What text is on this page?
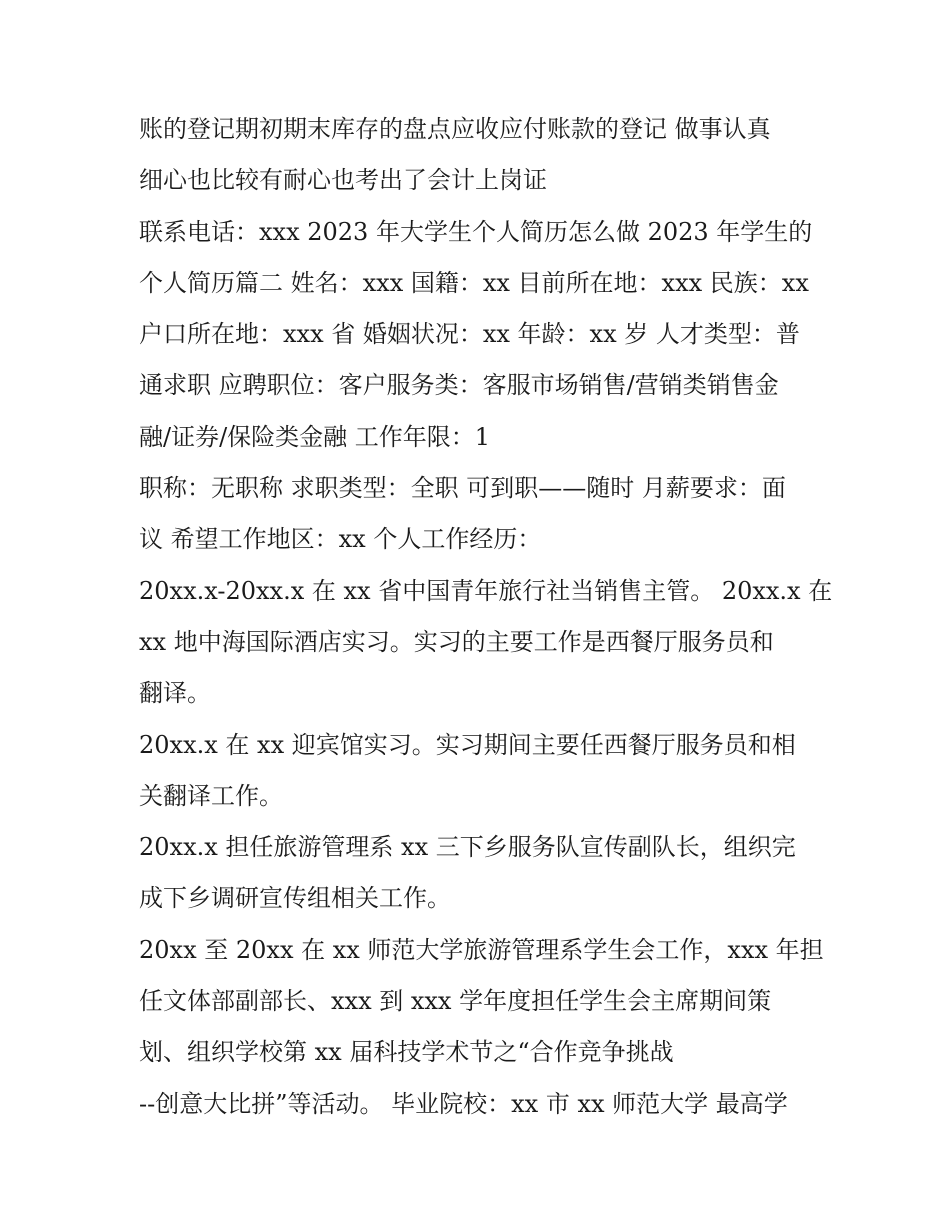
账的登记期初期末库存的盘点应收应付账款的登记 做事认真
细心也比较有耐心也考出了会计上岗证
联系电话：xxx 2023 年大学生个人简历怎么做 2023 年学生的
个人简历篇二 姓名：xxx 国籍：xx 目前所在地：xxx 民族：xx
户口所在地：xxx 省 婚姻状况：xx 年龄：xx 岁 人才类型：普
通求职 应聘职位：客户服务类：客服市场销售/营销类销售金
融/证券/保险类金融 工作年限：1
职称：无职称 求职类型：全职 可到职——随时 月薪要求：面
议 希望工作地区：xx 个人工作经历：
20xx.x-20xx.x 在 xx 省中国青年旅行社当销售主管。 20xx.x 在
xx 地中海国际酒店实习。实习的主要工作是西餐厅服务员和
翻译。
20xx.x 在 xx 迎宾馆实习。实习期间主要任西餐厅服务员和相
关翻译工作。
20xx.x 担任旅游管理系 xx 三下乡服务队宣传副队长，组织完
成下乡调研宣传组相关工作。
20xx 至 20xx 在 xx 师范大学旅游管理系学生会工作，xxx 年担
任文体部副部长、xxx 到 xxx 学年度担任学生会主席期间策
划、组织学校第 xx 届科技学术节之“合作竞争挑战
--创意大比拼”等活动。 毕业院校：xx 市 xx 师范大学 最高学
